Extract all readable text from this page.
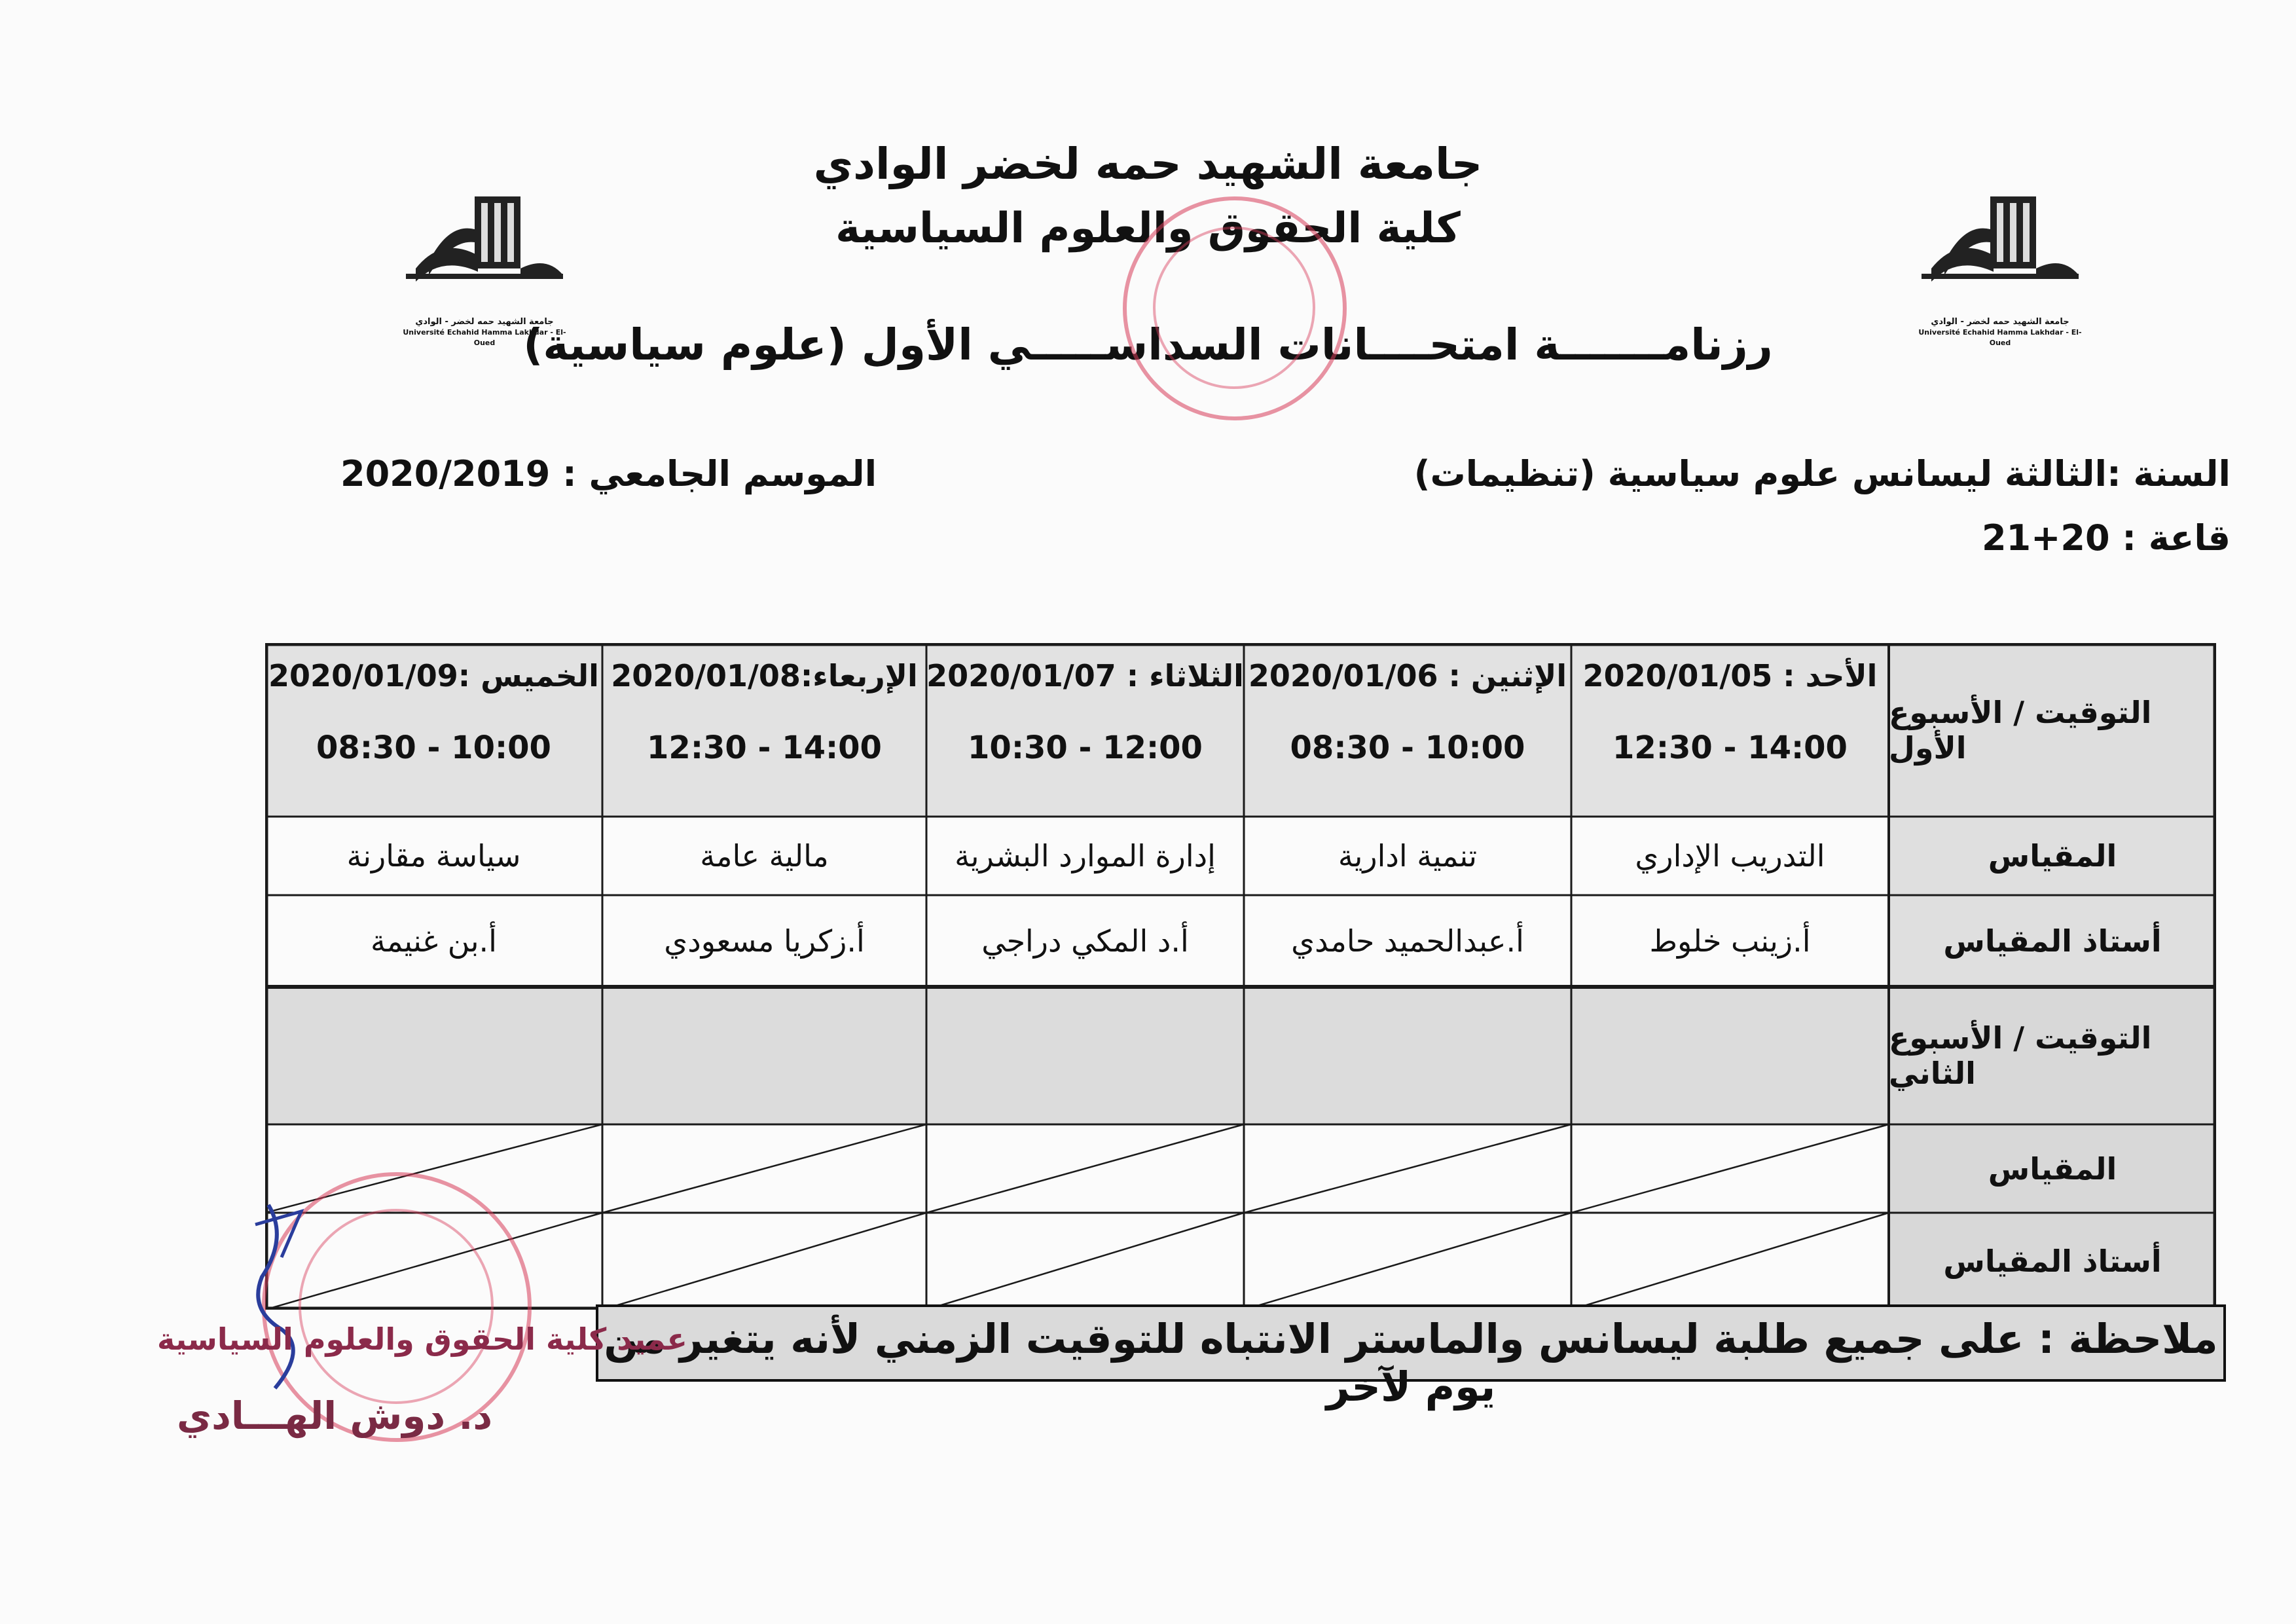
جامعة الشهيد حمه لخضر الوادي
كلية الحقوق والعلوم السياسية
رزنامـــــــة امتحــــانات السداســـــي الأول (علوم سياسية)
جامعة الشهيد حمه لخضر - الوادي
Université Echahid Hamma Lakhdar - El-Oued
جامعة الشهيد حمه لخضر - الوادي
Université Echahid Hamma Lakhdar - El-Oued
السنة :الثالثة ليسانس علوم سياسية (تنظيمات)
الموسم الجامعي : 2020/2019
قاعة : 20+21
التوقيت / الأسبوع الأول
المقياس
أستاذ المقياس
التوقيت / الأسبوع الثاني
المقياس
أستاذ المقياس
الأحد : 2020/01/05
12:30 - 14:00
التدريب الإداري
أ.زينب خلوط
الإثنين : 2020/01/06
08:30 - 10:00
تنمية ادارية
أ.عبدالحميد حامدي
الثلاثاء : 2020/01/07
10:30 - 12:00
إدارة الموارد البشرية
أ.د المكي دراجي
الإربعاء:2020/01/08
12:30 - 14:00
مالية عامة
أ.زكريا مسعودي
الخميس :2020/01/09
08:30 - 10:00
سياسة مقارنة
أ.بن غنيمة
ملاحظة : على جميع طلبة ليسانس والماستر الانتباه للتوقيت الزمني لأنه يتغير من يوم لآخر
عميد كلية الحقوق والعلوم السياسية
د. دوش الهـــادي
